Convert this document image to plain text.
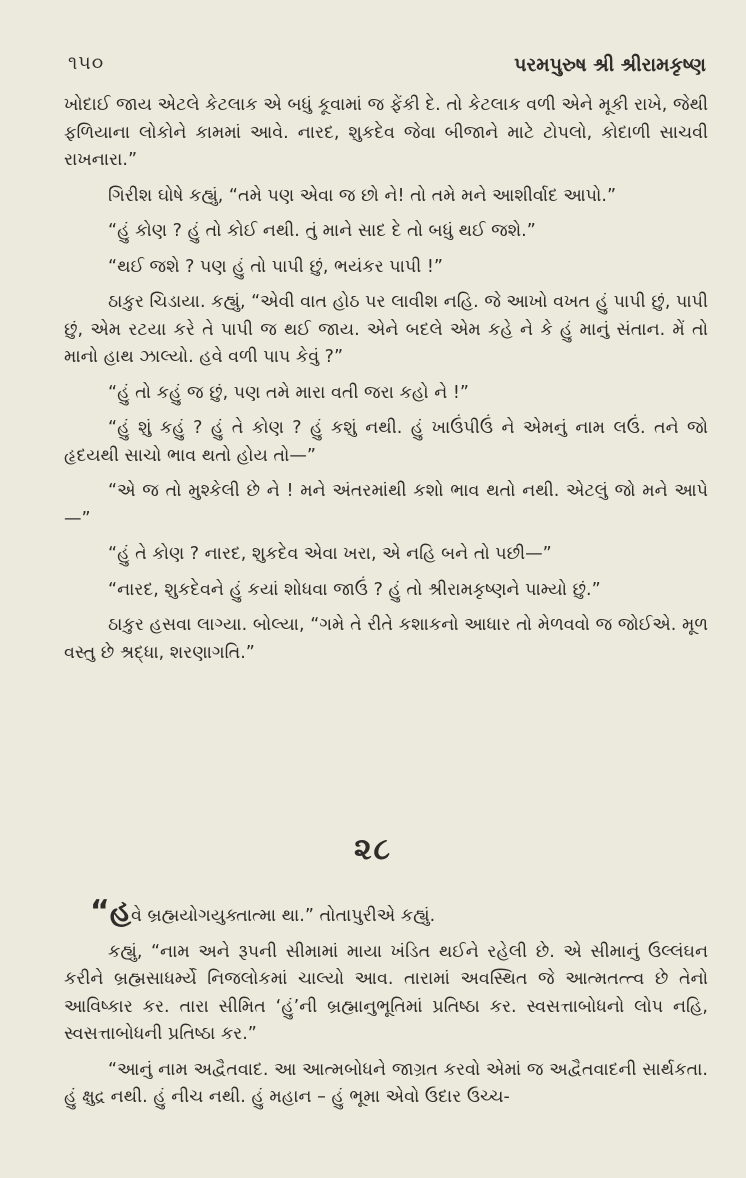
૧૫૦	પરમપુરુષ શ્રી શ્રીરામકૃષ્ણ

ખોદાઈ જાય એટલે કેટલાક એ બધું કૂવામાં જ ફેંકી દે. તો કેટલાક વળી એને મૂકી રાખે, જેથી ફળિયાના લોકોને કામમાં આવે. નારદ, શુકદેવ જેવા બીજાને માટે ટોપલો, કોદાળી સાચવી રાખનારા.”

ગિરીશ ઘોષે કહ્યું, “તમે પણ એવા જ છો ને! તો તમે મને આશીર્વાદ આપો.”

“હું કોણ ? હું તો કોઈ નથી. તું માને સાદ દે તો બધું થઈ જશે.”

“થઈ જશે ? પણ હું તો પાપી છું, ભયંકર પાપી !”

ઠાકુર ચિડાયા. કહ્યું, “એવી વાત હોઠ પર લાવીશ નહિ. જે આખો વખત હું પાપી છું, પાપી છું, એમ રટયા કરે તે પાપી જ થઈ જાય. એને બદલે એમ કહે ને કે હું માનું સંતાન. મેં તો માનો હાથ ઝાલ્યો. હવે વળી પાપ કેવું ?”

“હું તો કહું જ છું, પણ તમે મારા વતી જરા કહો ને !”

“હું શું કહું ? હું તે કોણ ? હું કશું નથી. હું ખાઉંપીઉં ને એમનું નામ લઉં. તને જો હૃદયથી સાચો ભાવ થતો હોય તો—”

“એ જ તો મુશ્કેલી છે ને ! મને અંતરમાંથી કશો ભાવ થતો નથી. એટલું જો મને આપે—”

“હું તે કોણ ? નારદ, શુકદેવ એવા ખરા, એ નહિ બને તો પછી—”

“નારદ, શુકદેવને હું કયાં શોધવા જાઉં ? હું તો શ્રીરામકૃષ્ણને પામ્યો છું.”

ઠાકુર હસવા લાગ્યા. બોલ્યા, “ગમે તે રીતે કશાકનો આધાર તો મેળવવો જ જોઈએ. મૂળ વસ્તુ છે શ્રદ્ધા, શરણાગતિ.”

૨૮

“હવે બ્રહ્મયોગયુક્તાત્મા થા.” તોતાપુરીએ કહ્યું.

કહ્યું, “નામ અને રૂપની સીમામાં માયા ખંડિત થઈને રહેલી છે. એ સીમાનું ઉલ્લંઘન કરીને બ્રહ્મસાધર્મ્યે નિજલોકમાં ચાલ્યો આવ. તારામાં અવસ્થિત જે આત્મતત્ત્વ છે તેનો આવિષ્કાર કર. તારા સીમિત ‘હું’ની બ્રહ્માનુભૂતિમાં પ્રતિષ્ઠા કર. સ્વસત્તાબોધનો લોપ નહિ, સ્વસત્તાબોધની પ્રતિષ્ઠા કર.”

“આનું નામ અદ્વૈતવાદ. આ આત્મબોધને જાગ્રત કરવો એમાં જ અદ્વૈતવાદની સાર્થકતા. હું ક્ષુદ્ર નથી. હું નીચ નથી. હું મહાન – હું ભૂમા એવો ઉદાર ઉચ્ચ-
